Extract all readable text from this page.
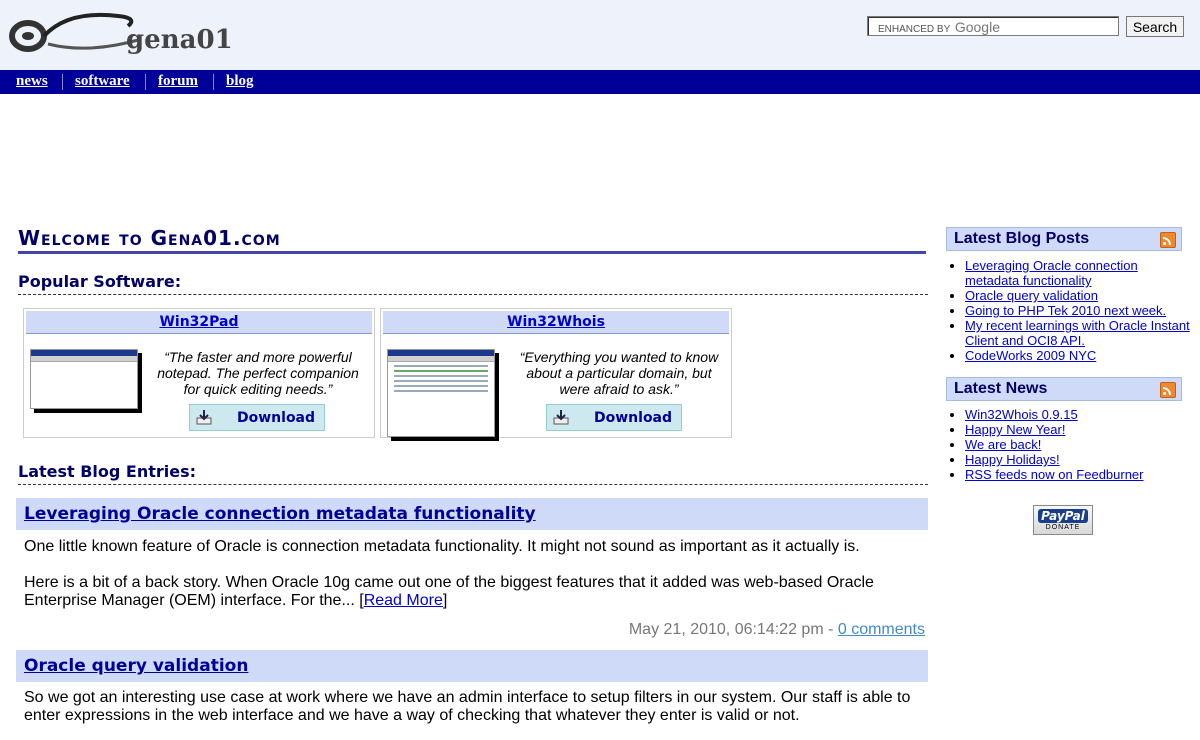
gena01	ENHANCED BY Google	Search
news software forum blog
Welcome to Gena01.com
Popular Software:
Win32Pad
“The faster and more powerful notepad. The perfect companion for quick editing needs.”
Download
Win32Whois
“Everything you wanted to know about a particular domain, but were afraid to ask.”
Download
Latest Blog Entries:
Leveraging Oracle connection metadata functionality
One little known feature of Oracle is connection metadata functionality. It might not sound as important as it actually is.
Here is a bit of a back story. When Oracle 10g came out one of the biggest features that it added was web-based Oracle Enterprise Manager (OEM) interface. For the... [Read More]
May 21, 2010, 06:14:22 pm - 0 comments
Oracle query validation
So we got an interesting use case at work where we have an admin interface to setup filters in our system. Our staff is able to enter expressions in the web interface and we have a way of checking that whatever they enter is valid or not.
Latest Blog Posts
• Leveraging Oracle connection metadata functionality
• Oracle query validation
• Going to PHP Tek 2010 next week.
• My recent learnings with Oracle Instant Client and OCI8 API.
• CodeWorks 2009 NYC
Latest News
• Win32Whois 0.9.15
• Happy New Year!
• We are back!
• Happy Holidays!
• RSS feeds now on Feedburner
PayPal
DONATE
